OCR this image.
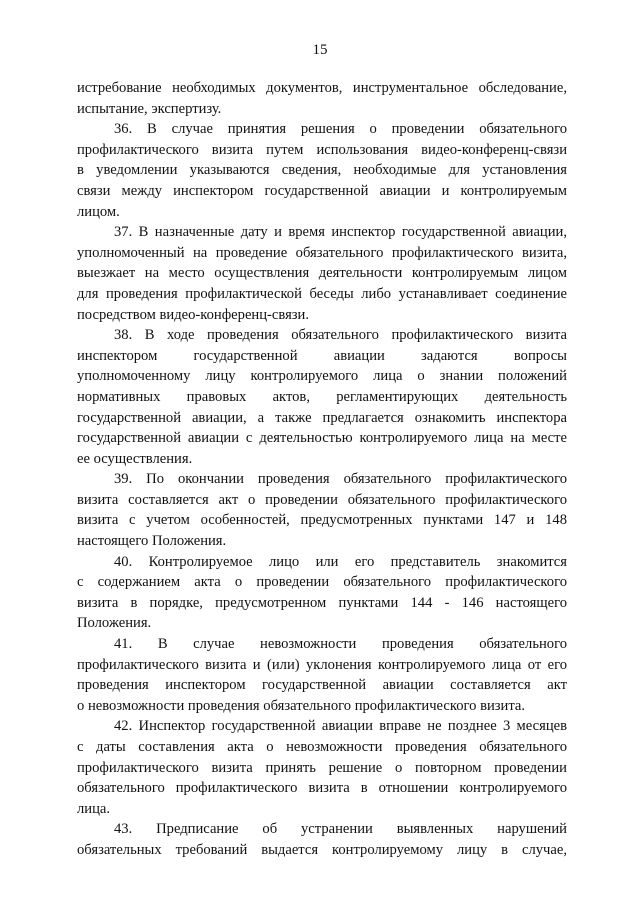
15
истребование необходимых документов, инструментальное обследование,
испытание, экспертизу.
36. В случае принятия решения о проведении обязательного
профилактического визита путем использования видео-конференц-связи
в уведомлении указываются сведения, необходимые для установления
связи между инспектором государственной авиации и контролируемым
лицом.
37. В назначенные дату и время инспектор государственной авиации,
уполномоченный на проведение обязательного профилактического визита,
выезжает на место осуществления деятельности контролируемым лицом
для проведения профилактической беседы либо устанавливает соединение
посредством видео-конференц-связи.
38. В ходе проведения обязательного профилактического визита
инспектором государственной авиации задаются вопросы
уполномоченному лицу контролируемого лица о знании положений
нормативных правовых актов, регламентирующих деятельность
государственной авиации, а также предлагается ознакомить инспектора
государственной авиации с деятельностью контролируемого лица на месте
ее осуществления.
39. По окончании проведения обязательного профилактического
визита составляется акт о проведении обязательного профилактического
визита с учетом особенностей, предусмотренных пунктами 147 и 148
настоящего Положения.
40. Контролируемое лицо или его представитель знакомится
с содержанием акта о проведении обязательного профилактического
визита в порядке, предусмотренном пунктами 144 - 146 настоящего
Положения.
41. В случае невозможности проведения обязательного
профилактического визита и (или) уклонения контролируемого лица от его
проведения инспектором государственной авиации составляется акт
о невозможности проведения обязательного профилактического визита.
42. Инспектор государственной авиации вправе не позднее 3 месяцев
с даты составления акта о невозможности проведения обязательного
профилактического визита принять решение о повторном проведении
обязательного профилактического визита в отношении контролируемого
лица.
43. Предписание об устранении выявленных нарушений
обязательных требований выдается контролируемому лицу в случае,
